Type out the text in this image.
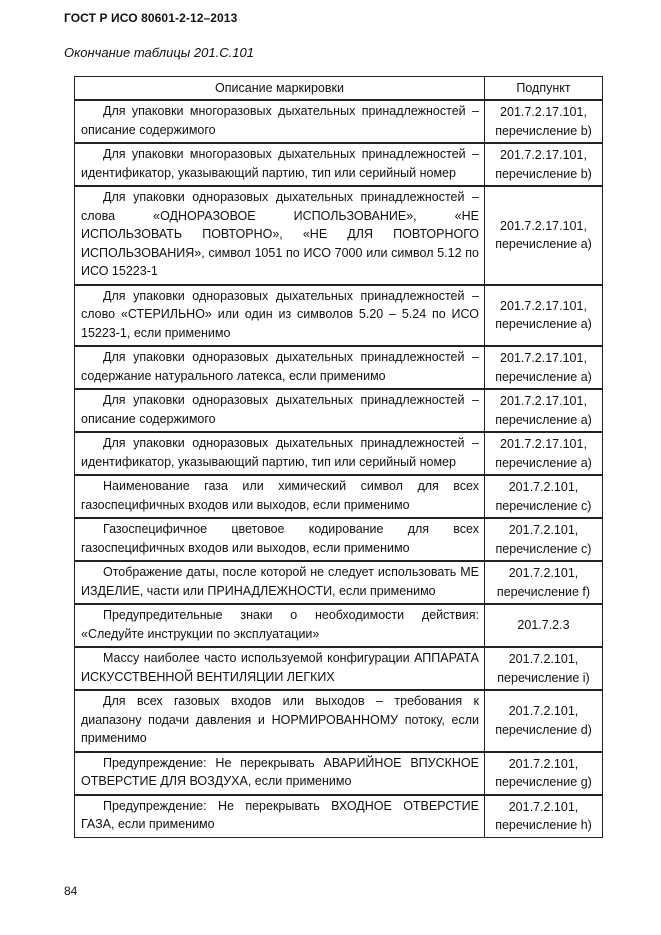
ГОСТ Р ИСО 80601-2-12–2013
Окончание таблицы 201.С.101
Описание маркировки	Подпункт
Для упаковки многоразовых дыхательных принадлежностей – описание содержимого	201.7.2.17.101,
перечисление b)

Для упаковки многоразовых дыхательных принадлежностей – идентификатор, указывающий партию, тип или серийный номер	201.7.2.17.101,
перечисление b)

Для упаковки одноразовых дыхательных принадлежностей – слова «ОДНОРАЗОВОЕ ИСПОЛЬЗОВАНИЕ», «НЕ ИСПОЛЬЗОВАТЬ ПОВТОРНО», «НЕ ДЛЯ ПОВТОРНОГО ИСПОЛЬЗОВАНИЯ», символ 1051 по ИСО 7000 или символ 5.12 по ИСО 15223-1	201.7.2.17.101,
перечисление a)

Для упаковки одноразовых дыхательных принадлежностей – слово «СТЕРИЛЬНО» или один из символов 5.20 – 5.24 по ИСО 15223-1, если применимо	201.7.2.17.101,
перечисление a)

Для упаковки одноразовых дыхательных принадлежностей – содержание натурального латекса, если применимо	201.7.2.17.101,
перечисление a)

Для упаковки одноразовых дыхательных принадлежностей – описание содержимого	201.7.2.17.101,
перечисление a)

Для упаковки одноразовых дыхательных принадлежностей – идентификатор, указывающий партию, тип или серийный номер	201.7.2.17.101,
перечисление a)

Наименование газа или химический символ для всех газоспецифичных входов или выходов, если применимо	201.7.2.101,
перечисление c)

Газоспецифичное цветовое кодирование для всех газоспецифичных входов или выходов, если применимо	201.7.2.101,
перечисление c)

Отображение даты, после которой не следует использовать МЕ ИЗДЕЛИЕ, части или ПРИНАДЛЕЖНОСТИ, если применимо	201.7.2.101,
перечисление f)

Предупредительные знаки о необходимости действия: «Следуйте инструкции по эксплуатации»	201.7.2.3

Массу наиболее часто используемой конфигурации АППАРАТА ИСКУССТВЕННОЙ ВЕНТИЛЯЦИИ ЛЕГКИХ	201.7.2.101,
перечисление i)

Для всех газовых входов или выходов – требования к диапазону подачи давления и НОРМИРОВАННОМУ потоку, если применимо	201.7.2.101,
перечисление d)

Предупреждение: Не перекрывать АВАРИЙНОЕ ВПУСКНОЕ ОТВЕРСТИЕ ДЛЯ ВОЗДУХА, если применимо	201.7.2.101,
перечисление g)

Предупреждение: Не перекрывать ВХОДНОЕ ОТВЕРСТИЕ ГАЗА, если применимо	201.7.2.101,
перечисление h)
84
